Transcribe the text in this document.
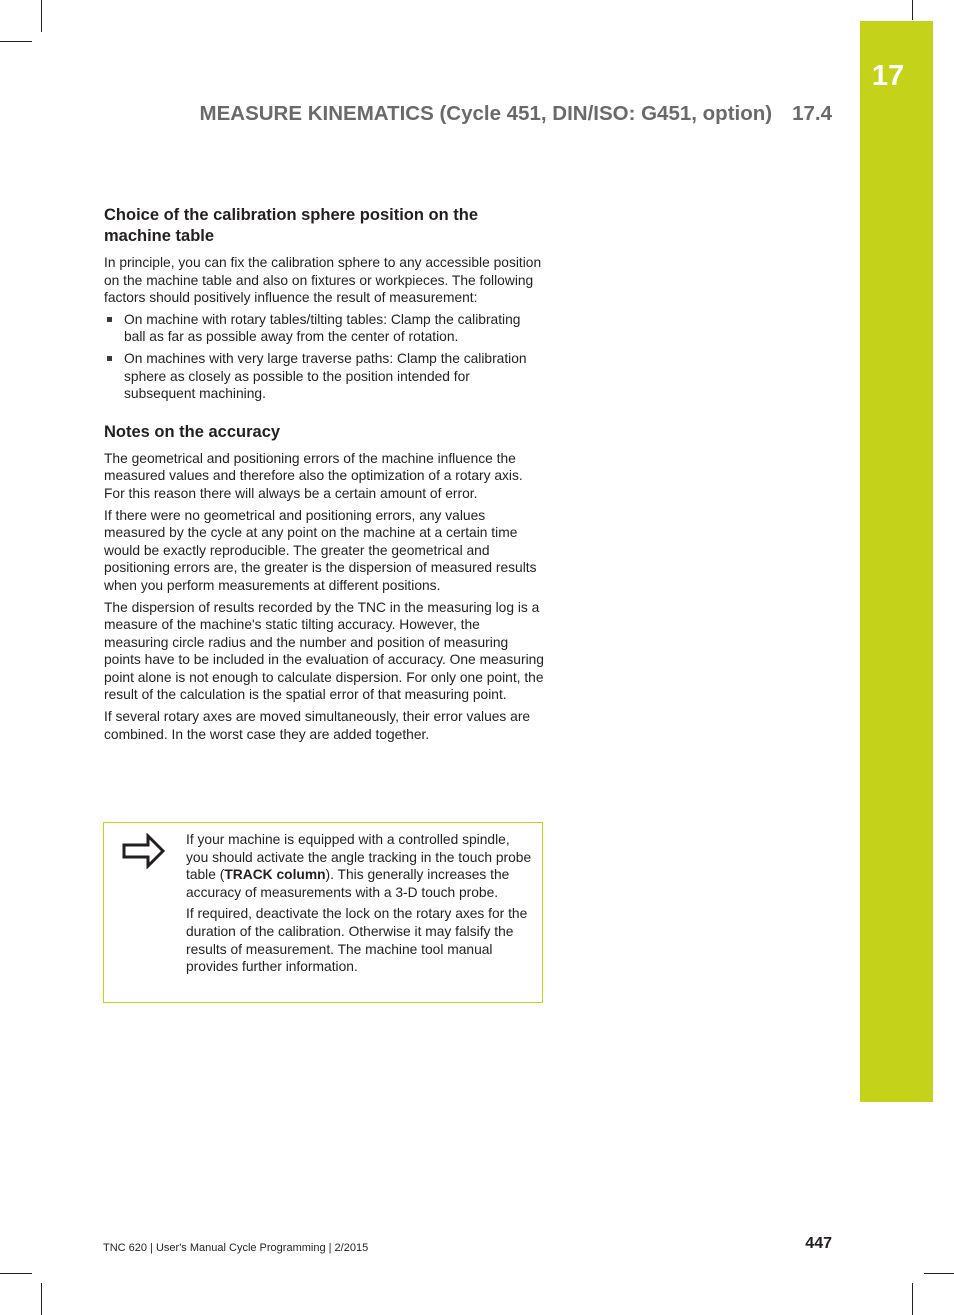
17
MEASURE KINEMATICS (Cycle 451, DIN/ISO: G451, option) 17.4
Choice of the calibration sphere position on the machine table

In principle, you can fix the calibration sphere to any accessible position on the machine table and also on fixtures or workpieces. The following factors should positively influence the result of measurement:

On machine with rotary tables/tilting tables: Clamp the calibrating ball as far as possible away from the center of rotation.
On machines with very large traverse paths: Clamp the calibration sphere as closely as possible to the position intended for subsequent machining.
Notes on the accuracy

The geometrical and positioning errors of the machine influence the measured values and therefore also the optimization of a rotary axis. For this reason there will always be a certain amount of error.

If there were no geometrical and positioning errors, any values measured by the cycle at any point on the machine at a certain time would be exactly reproducible. The greater the geometrical and positioning errors are, the greater is the dispersion of measured results when you perform measurements at different positions.

The dispersion of results recorded by the TNC in the measuring log is a measure of the machine's static tilting accuracy. However, the measuring circle radius and the number and position of measuring points have to be included in the evaluation of accuracy. One measuring point alone is not enough to calculate dispersion. For only one point, the result of the calculation is the spatial error of that measuring point.

If several rotary axes are moved simultaneously, their error values are combined. In the worst case they are added together.

If your machine is equipped with a controlled spindle, you should activate the angle tracking in the touch probe table (TRACK column). This generally increases the accuracy of measurements with a 3-D touch probe.

If required, deactivate the lock on the rotary axes for the duration of the calibration. Otherwise it may falsify the results of measurement. The machine tool manual provides further information.

TNC 620 | User's Manual Cycle Programming | 2/2015	447
